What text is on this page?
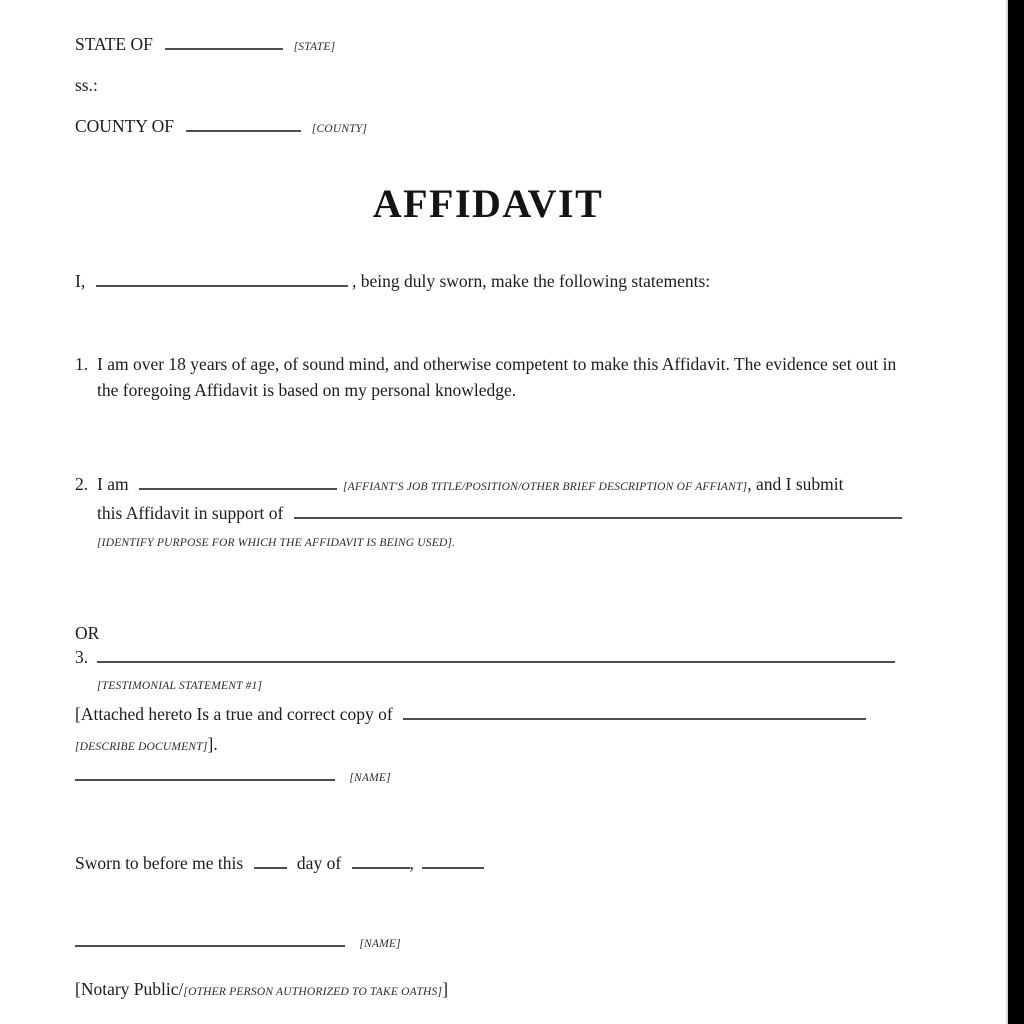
STATE OF	[STATE]
ss.:
COUNTY OF	[COUNTY]
AFFIDAVIT
I,	, being duly sworn, make the following statements:
1. I am over 18 years of age, of sound mind, and otherwise competent to make this Affidavit. The evidence set out in the foregoing Affidavit is based on my personal knowledge.
2. I am	[AFFIANT'S JOB TITLE/POSITION/OTHER BRIEF DESCRIPTION OF AFFIANT], and I submit
this Affidavit in support of
[IDENTIFY PURPOSE FOR WHICH THE AFFIDAVIT IS BEING USED].
3.

[TESTIMONIAL STATEMENT #1]
OR
[Attached hereto Is a true and correct copy of
[DESCRIBE DOCUMENT]].
[NAME]
Sworn to before me this	day of	,
[NAME]
[Notary Public/[OTHER PERSON AUTHORIZED TO TAKE OATHS]]
